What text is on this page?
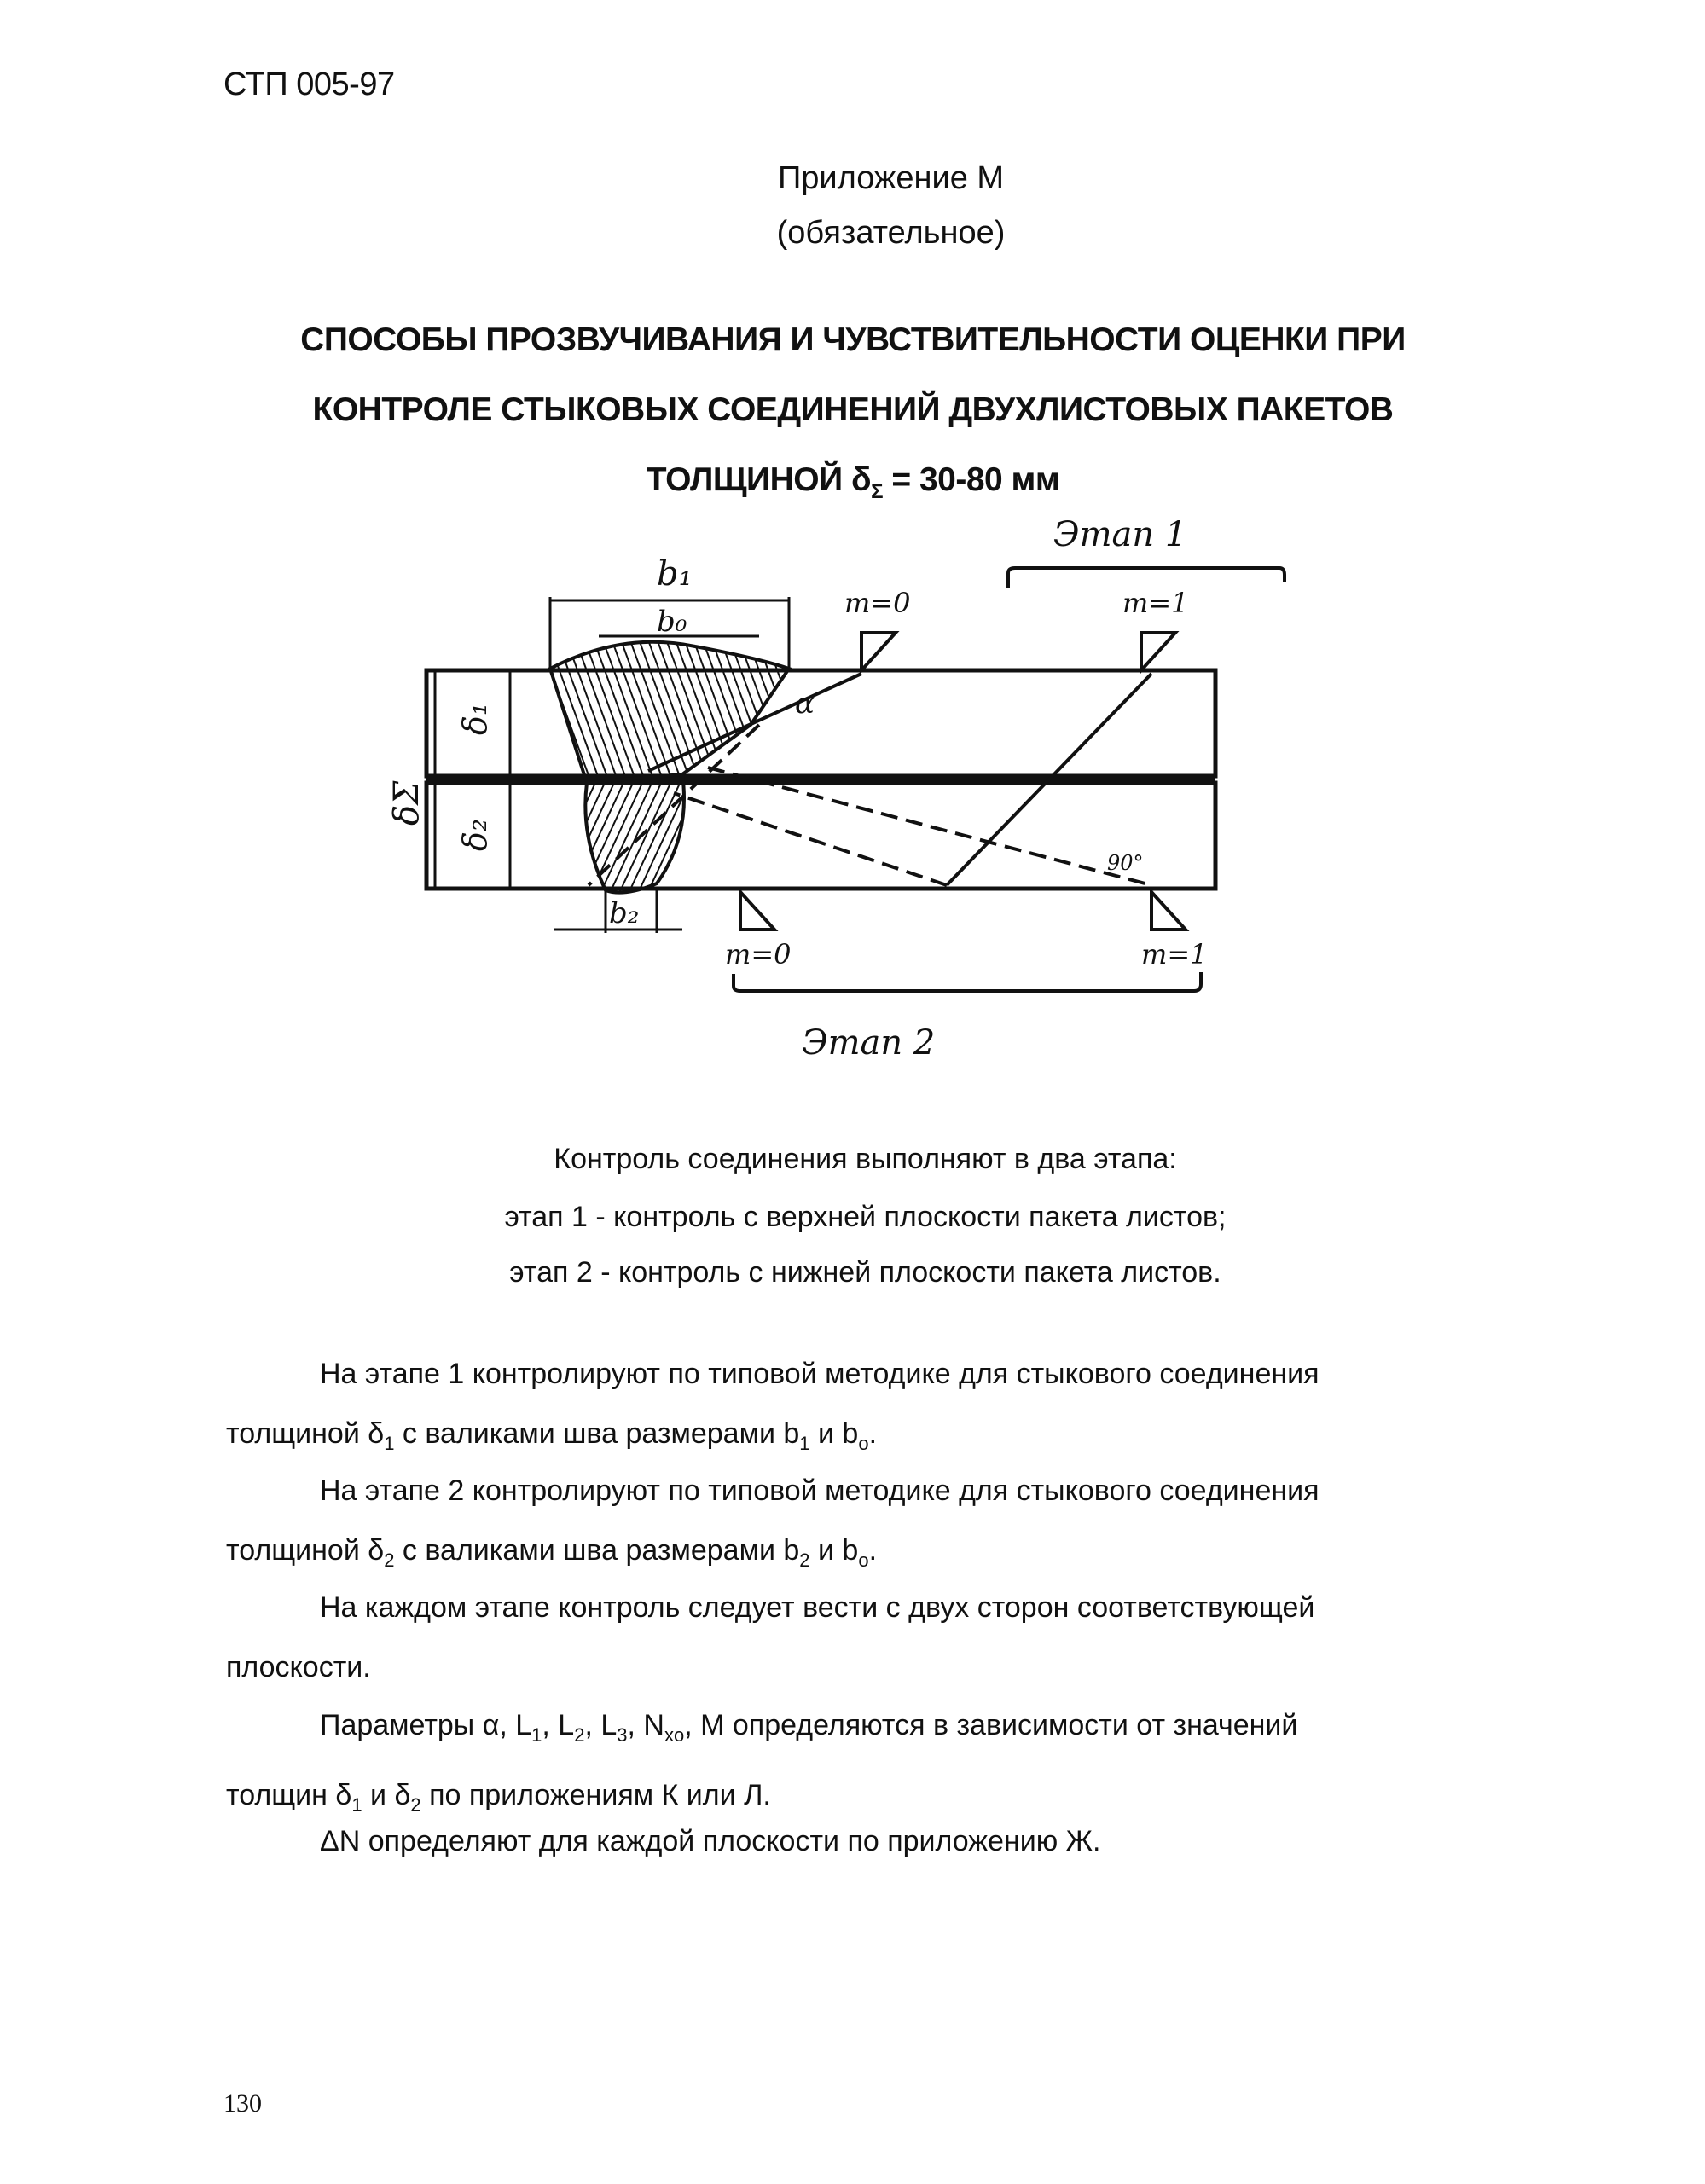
СТП 005-97
Приложение М
(обязательное)
СПОСОБЫ ПРОЗВУЧИВАНИЯ И ЧУВСТВИТЕЛЬНОСТИ ОЦЕНКИ ПРИ
КОНТРОЛЕ СТЫКОВЫХ СОЕДИНЕНИЙ ДВУХЛИСТОВЫХ ПАКЕТОВ
ТОЛЩИНОЙ $\delta_\Sigma = 30-80$ мм
Этап 1
δΣ
δ₁
δ₂
b₁
b₀
m=0	m=1
α
90°
b₂
m=0	m=1
Этап 2
Контроль соединения выполняют в два этапа:
этап 1 - контроль с верхней плоскости пакета листов;
этап 2 - контроль с нижней плоскости пакета листов.
На этапе 1 контролируют по типовой методике для стыкового соединения толщиной $\delta_1$ с валиками шва размерами $b_1$ и $b_o$.
На этапе 2 контролируют по типовой методике для стыкового соединения толщиной $\delta_2$ с валиками шва размерами $b_2$ и $b_o$.
На каждом этапе контроль следует вести с двух сторон соответствующей плоскости.
Параметры α, $L_1$, $L_2$, $L_3$, $N_{xo}$, M определяются в зависимости от значений толщин $\delta_1$ и $\delta_2$ по приложениям К или Л.
ΔN определяют для каждой плоскости по приложению Ж.
130
